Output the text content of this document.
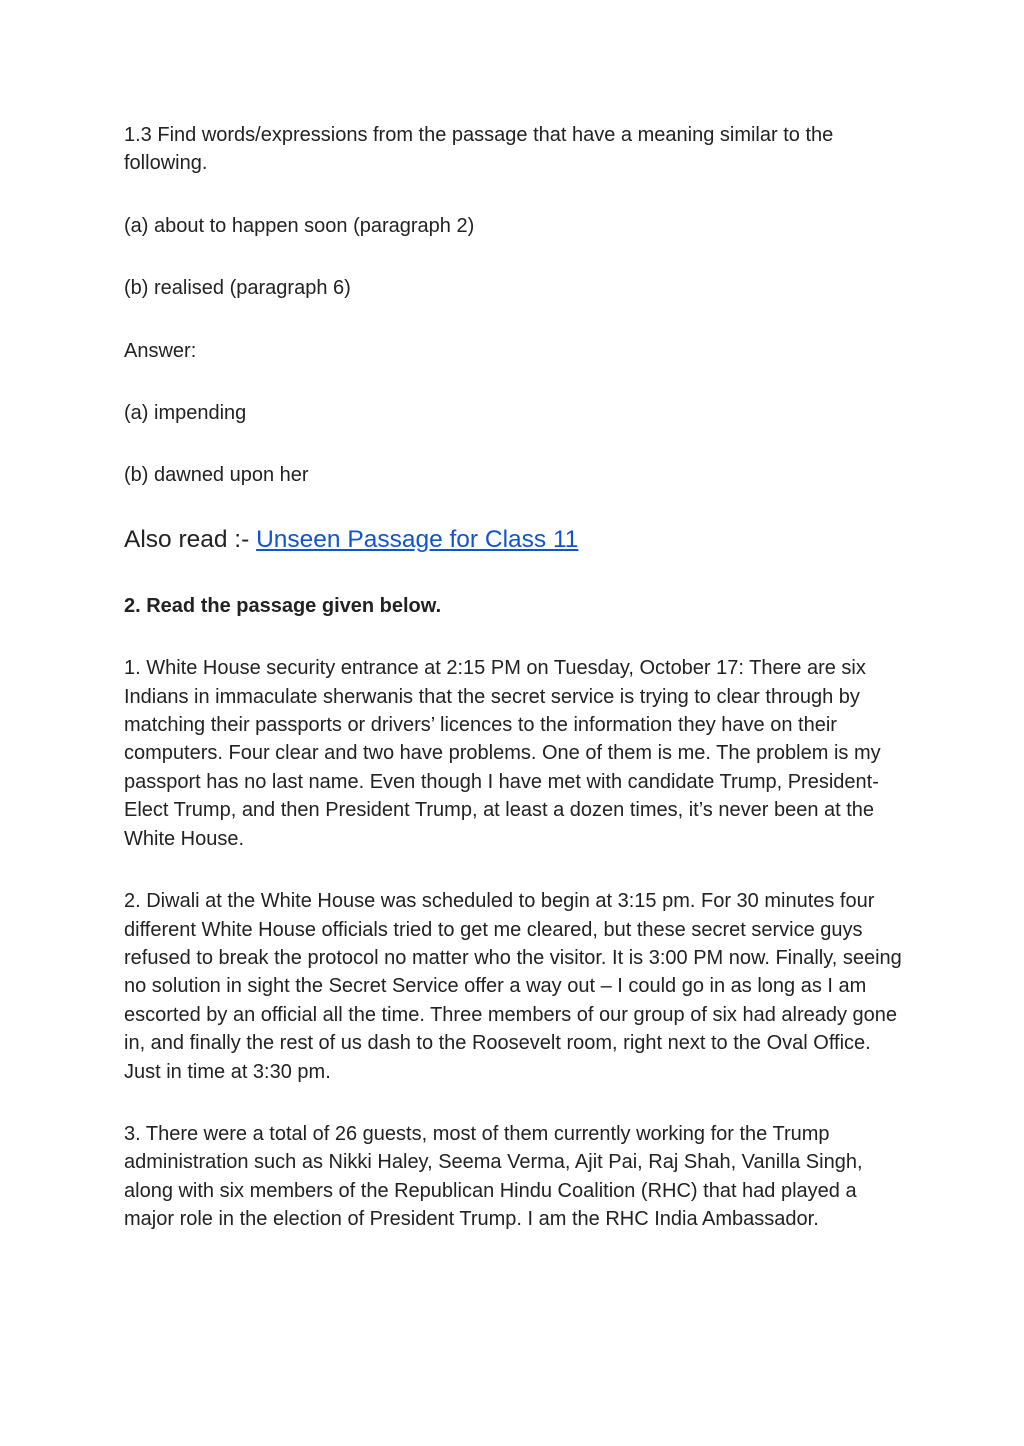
1.3 Find words/expressions from the passage that have a meaning similar to the following.

(a) about to happen soon (paragraph 2)

(b) realised (paragraph 6)

Answer:

(a) impending

(b) dawned upon her

Also read :- Unseen Passage for Class 11

2. Read the passage given below.

1. White House security entrance at 2:15 PM on Tuesday, October 17: There are six Indians in immaculate sherwanis that the secret service is trying to clear through by matching their passports or drivers’ licences to the information they have on their computers. Four clear and two have problems. One of them is me. The problem is my passport has no last name. Even though I have met with candidate Trump, President-Elect Trump, and then President Trump, at least a dozen times, it’s never been at the White House.

2. Diwali at the White House was scheduled to begin at 3:15 pm. For 30 minutes four different White House officials tried to get me cleared, but these secret service guys refused to break the protocol no matter who the visitor. It is 3:00 PM now. Finally, seeing no solution in sight the Secret Service offer a way out – I could go in as long as I am escorted by an official all the time. Three members of our group of six had already gone in, and finally the rest of us dash to the Roosevelt room, right next to the Oval Office. Just in time at 3:30 pm.

3. There were a total of 26 guests, most of them currently working for the Trump administration such as Nikki Haley, Seema Verma, Ajit Pai, Raj Shah, Vanilla Singh, along with six members of the Republican Hindu Coalition (RHC) that had played a major role in the election of President Trump. I am the RHC India Ambassador.
